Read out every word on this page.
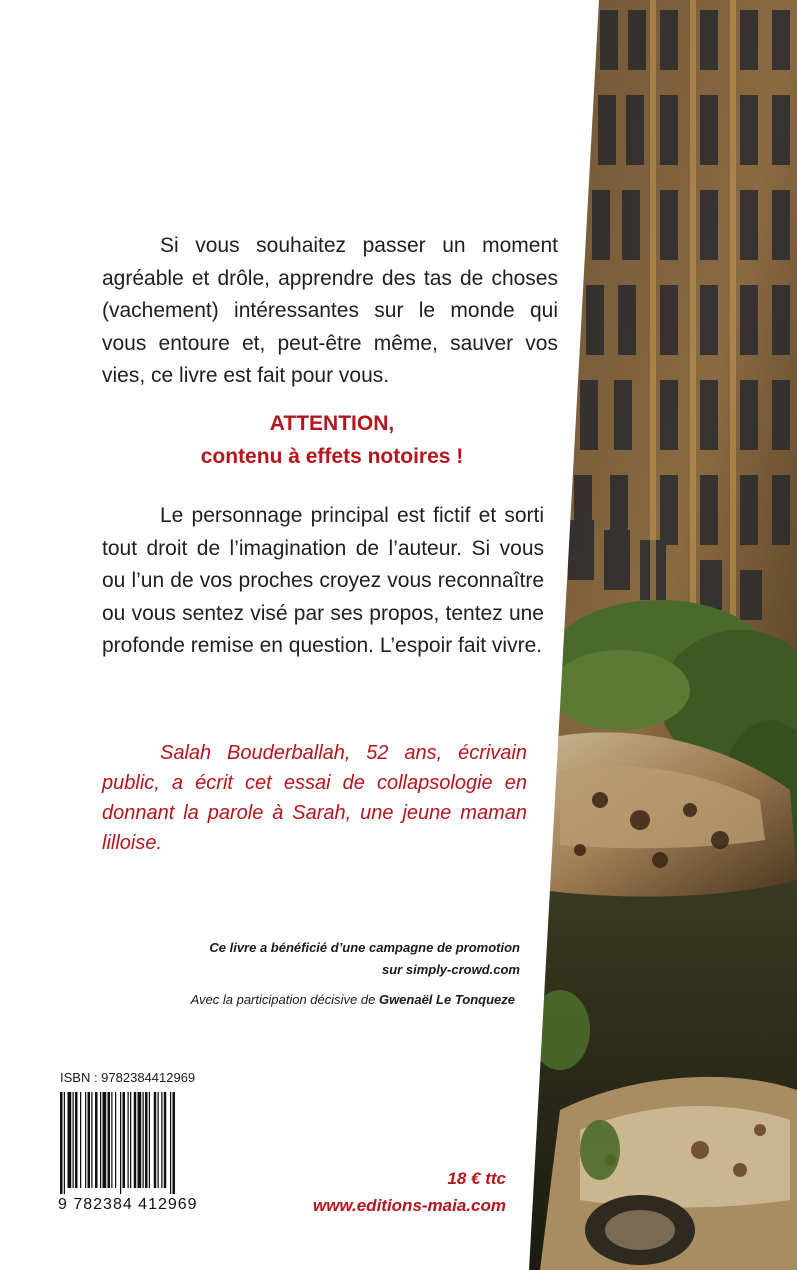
Si vous souhaitez passer un moment agréable et drôle, apprendre des tas de choses (vachement) intéressantes sur le monde qui vous entoure et, peut-être même, sauver vos vies, ce livre est fait pour vous.

ATTENTION,

contenu à effets notoires !

Le personnage principal est fictif et sorti tout droit de l’imagination de l’auteur. Si vous ou l’un de vos proches croyez vous reconnaître ou vous sentez visé par ses propos, tentez une profonde remise en question. L’espoir fait vivre.

Salah Bouderballah, 52 ans, écrivain public, a écrit cet essai de collapsologie en donnant la parole à Sarah, une jeune maman lilloise.

Ce livre a bénéficié d’une campagne de promotion

sur simply-crowd.com

Avec la participation décisive de Gwenaël Le Tonqueze

ISBN : 9782384412969

9 782384 412969

18 € ttc

www.editions-maia.com
